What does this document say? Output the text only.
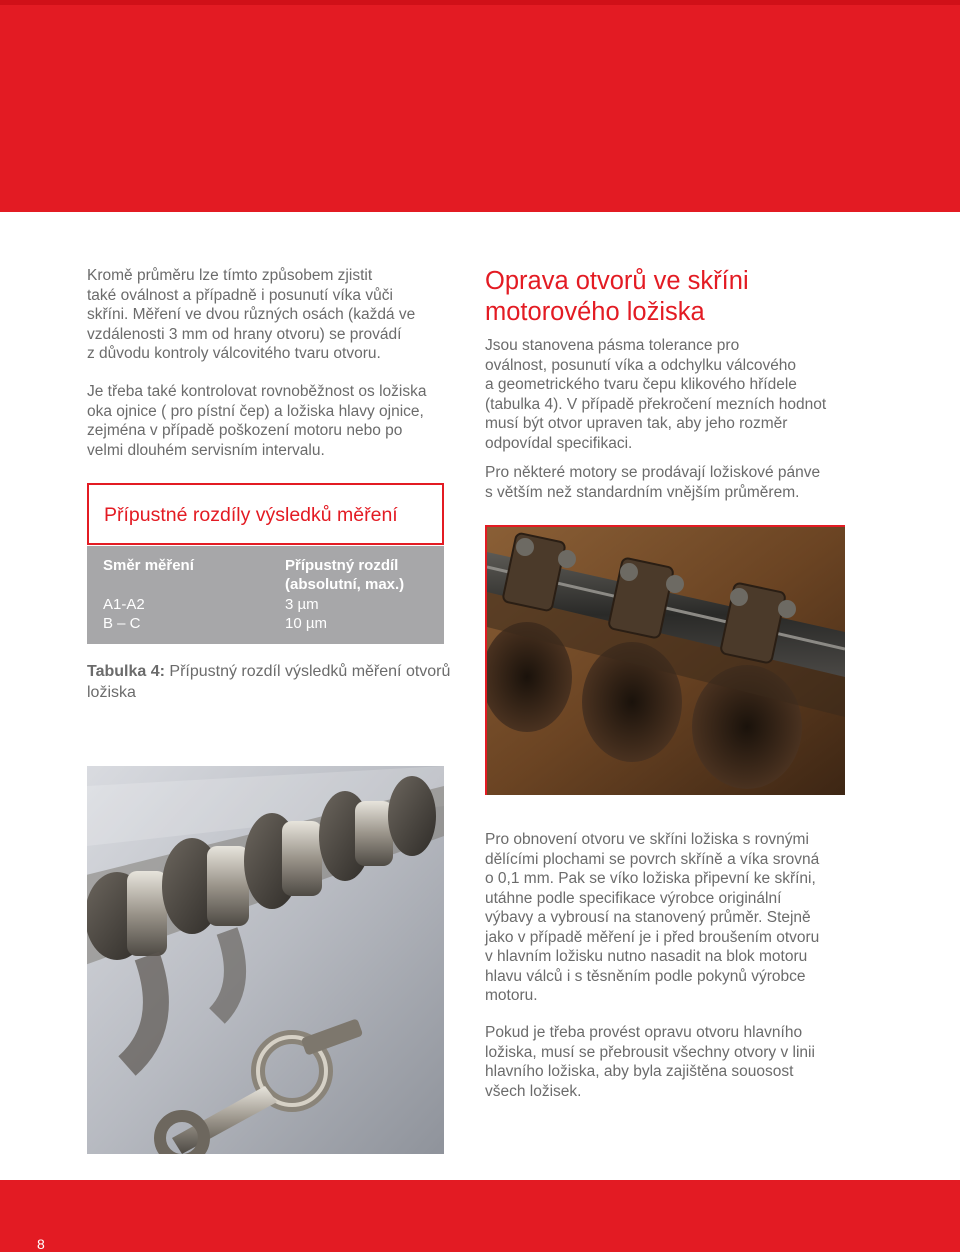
Kromě průměru lze tímto způsobem zjistit
také oválnost a případně i posunutí víka vůči
skříni. Měření ve dvou různých osách (každá ve
vzdálenosti 3 mm od hrany otvoru) se provádí
z důvodu kontroly válcovitého tvaru otvoru.
Je třeba také kontrolovat rovnoběžnost os ložiska
oka ojnice ( pro pístní čep) a ložiska hlavy ojnice,
zejména v případě poškození motoru nebo po
velmi dlouhém servisním intervalu.
Přípustné rozdíly výsledků měření
Směr měření	Přípustný rozdíl
(absolutní, max.)
A1-A2	3 µm
B – C	10 µm

Tabulka 4: Přípustný rozdíl výsledků měření otvorů
ložiska

Oprava otvorů ve skříni
motorového ložiska
Jsou stanovena pásma tolerance pro
oválnost, posunutí víka a odchylku válcového
a geometrického tvaru čepu klikového hřídele
(tabulka 4). V případě překročení mezních hodnot
musí být otvor upraven tak, aby jeho rozměr
odpovídal specifikaci.
Pro některé motory se prodávají ložiskové pánve
s větším než standardním vnějším průměrem.
Pro obnovení otvoru ve skříni ložiska s rovnými
dělícími plochami se povrch skříně a víka srovná
o 0,1 mm. Pak se víko ložiska připevní ke skříni,
utáhne podle specifikace výrobce originální
výbavy a vybrousí na stanovený průměr. Stejně
jako v případě měření je i před broušením otvoru
v hlavním ložisku nutno nasadit na blok motoru
hlavu válců i s těsněním podle pokynů výrobce
motoru.
Pokud je třeba provést opravu otvoru hlavního
ložiska, musí se přebrousit všechny otvory v linii
hlavního ložiska, aby byla zajištěna souosost
všech ložisek.
8
